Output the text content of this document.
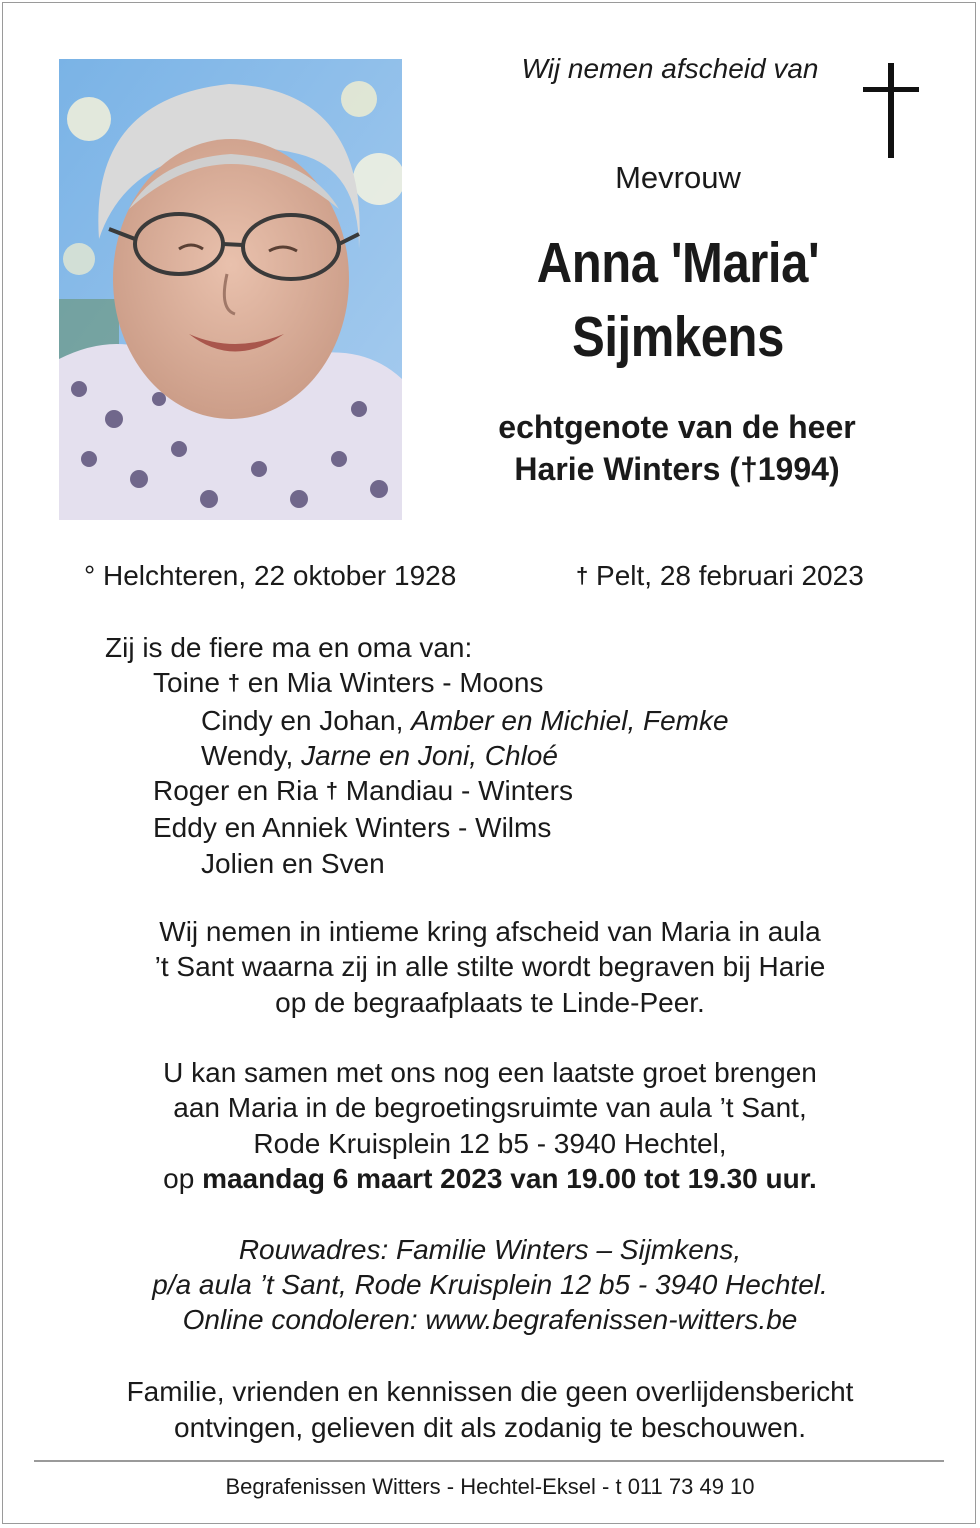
Wij nemen afscheid van
Mevrouw
Anna 'Maria'
Sijmkens
echtgenote van de heer
Harie Winters (†1994)
° Helchteren, 22 oktober 1928	† Pelt, 28 februari 2023
Zij is de fiere ma en oma van:
Toine † en Mia Winters - Moons
Cindy en Johan, Amber en Michiel, Femke
Wendy, Jarne en Joni, Chloé
Roger en Ria † Mandiau - Winters
Eddy en Anniek Winters - Wilms
Jolien en Sven
Wij nemen in intieme kring afscheid van Maria in aula
’t Sant waarna zij in alle stilte wordt begraven bij Harie
op de begraafplaats te Linde-Peer.
U kan samen met ons nog een laatste groet brengen
aan Maria in de begroetingsruimte van aula ’t Sant,
Rode Kruisplein 12 b5 - 3940 Hechtel,
op maandag 6 maart 2023 van 19.00 tot 19.30 uur.
Rouwadres: Familie Winters – Sijmkens,
p/a aula ’t Sant, Rode Kruisplein 12 b5 - 3940 Hechtel.
Online condoleren: www.begrafenissen-witters.be
Familie, vrienden en kennissen die geen overlijdensbericht
ontvingen, gelieven dit als zodanig te beschouwen.
Begrafenissen Witters - Hechtel-Eksel - t 011 73 49 10
